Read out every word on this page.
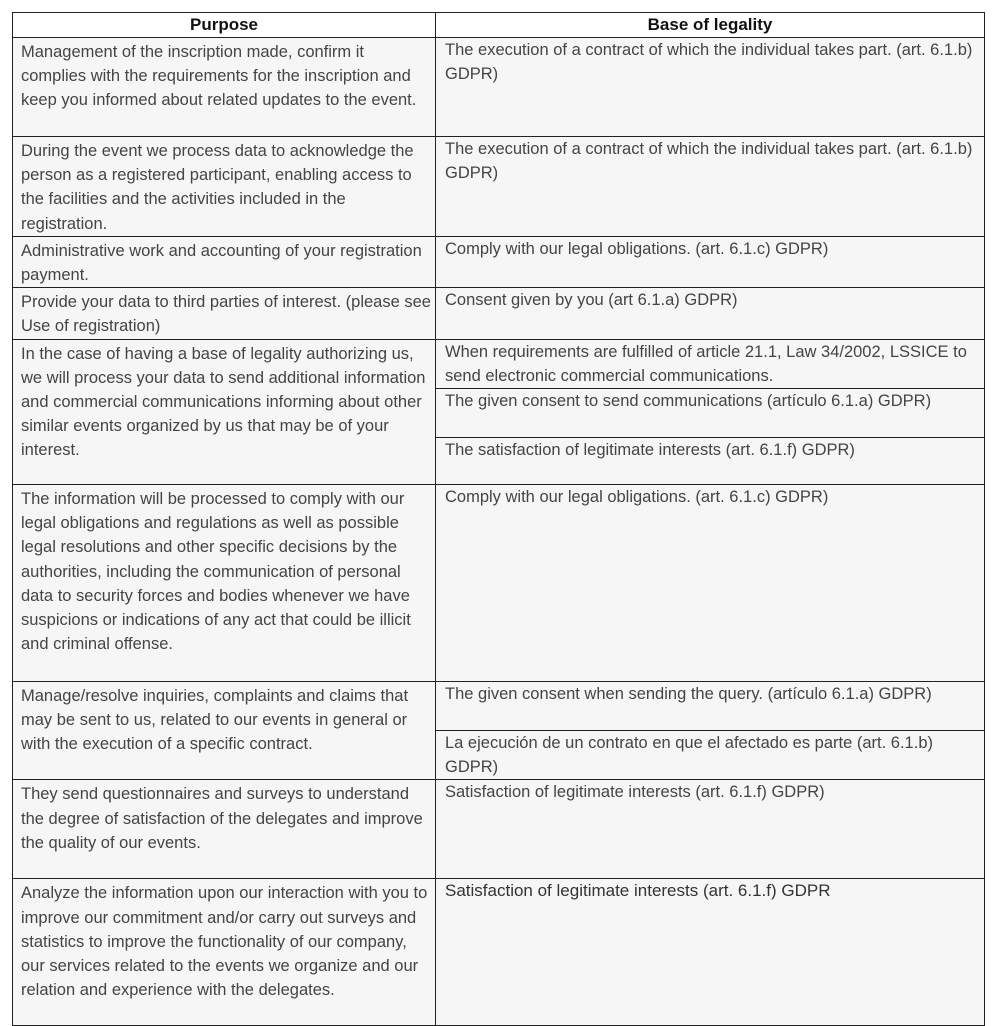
Purpose	Base of legality
Management of the inscription made, confirm it complies with the requirements for the inscription and keep you informed about related updates to the event.	The execution of a contract of which the individual takes part. (art. 6.1.b) GDPR)
During the event we process data to acknowledge the person as a registered participant, enabling access to the facilities and the activities included in the registration.	The execution of a contract of which the individual takes part. (art. 6.1.b) GDPR)
Administrative work and accounting of your registration payment.	Comply with our legal obligations. (art. 6.1.c) GDPR)
Provide your data to third parties of interest. (please see Use of registration)	Consent given by you (art 6.1.a) GDPR)
In the case of having a base of legality authorizing us, we will process your data to send additional information and commercial communications informing about other similar events organized by us that may be of your interest.	When requirements are fulfilled of article 21.1, Law 34/2002, LSSICE to send electronic commercial communications.
	The given consent to send communications (artículo 6.1.a) GDPR)
	The satisfaction of legitimate interests (art. 6.1.f) GDPR)
The information will be processed to comply with our legal obligations and regulations as well as possible legal resolutions and other specific decisions by the authorities, including the communication of personal data to security forces and bodies whenever we have suspicions or indications of any act that could be illicit and criminal offense.	Comply with our legal obligations. (art. 6.1.c) GDPR)
Manage/resolve inquiries, complaints and claims that may be sent to us, related to our events in general or with the execution of a specific contract.	The given consent when sending the query. (artículo 6.1.a) GDPR)
	La ejecución de un contrato en que el afectado es parte (art. 6.1.b) GDPR)
They send questionnaires and surveys to understand the degree of satisfaction of the delegates and improve the quality of our events.	Satisfaction of legitimate interests (art. 6.1.f) GDPR)
Analyze the information upon our interaction with you to improve our commitment and/or carry out surveys and statistics to improve the functionality of our company, our services related to the events we organize and our relation and experience with the delegates.	Satisfaction of legitimate interests (art. 6.1.f) GDPR
